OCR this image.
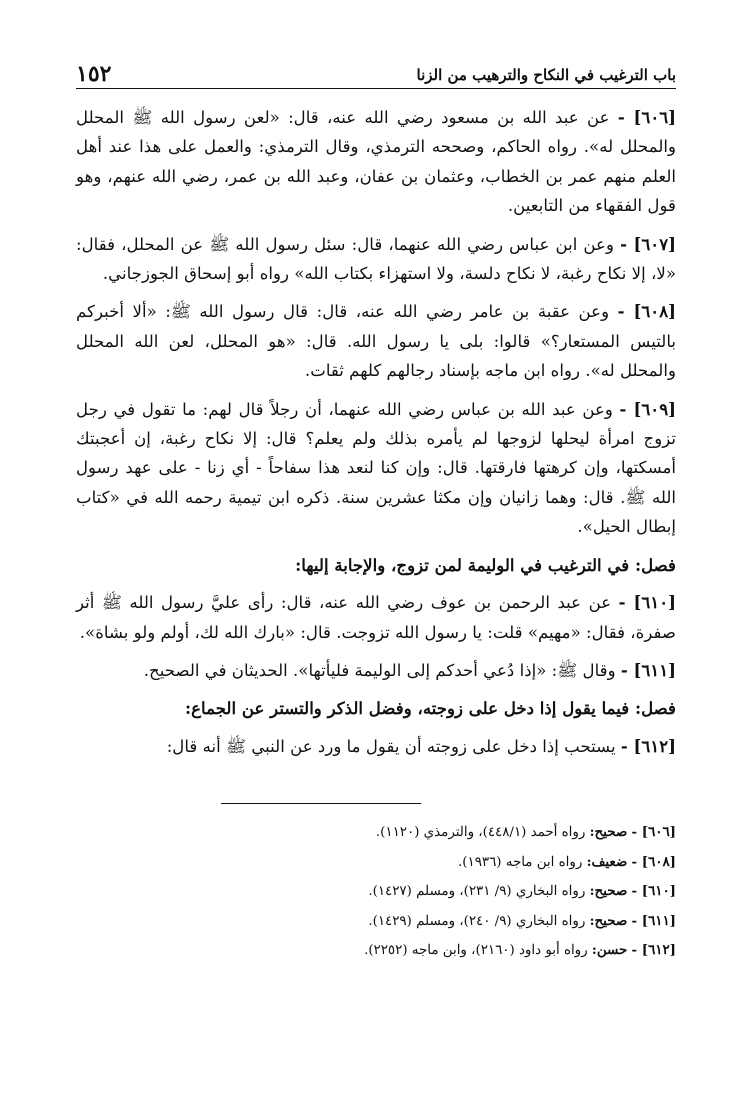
باب الترغيب في النكاح والترهيب من الزنا
١٥٢

[٦٠٦] - عن عبد الله بن مسعود رضي الله عنه، قال: «لعن رسول الله ﷺ المحلل والمحلل له». رواه الحاكم، وصححه الترمذي، وقال الترمذي: والعمل على هذا عند أهل العلم منهم عمر بن الخطاب، وعثمان بن عفان، وعبد الله بن عمر، رضي الله عنهم، وهو قول الفقهاء من التابعين.

[٦٠٧] - وعن ابن عباس رضي الله عنهما، قال: سئل رسول الله ﷺ عن المحلل، فقال: «لا، إلا نكاح رغبة، لا نكاح دلسة، ولا استهزاء بكتاب الله» رواه أبو إسحاق الجوزجاني.

[٦٠٨] - وعن عقبة بن عامر رضي الله عنه، قال: قال رسول الله ﷺ: «ألا أخبركم بالتيس المستعار؟» قالوا: بلى يا رسول الله. قال: «هو المحلل، لعن الله المحلل والمحلل له». رواه ابن ماجه بإسناد رجالهم كلهم ثقات.

[٦٠٩] - وعن عبد الله بن عباس رضي الله عنهما، أن رجلاً قال لهم: ما تقول في رجل تزوج امرأة ليحلها لزوجها لم يأمره بذلك ولم يعلم؟ قال: إلا نكاح رغبة، إن أعجبتك أمسكتها، وإن كرهتها فارقتها. قال: وإن كنا لنعد هذا سفاحاً - أي زنا - على عهد رسول الله ﷺ. قال: وهما زانيان وإن مكثا عشرين سنة. ذكره ابن تيمية رحمه الله في «كتاب إبطال الحيل».

فصل: في الترغيب في الوليمة لمن تزوج، والإجابة إليها:

[٦١٠] - عن عبد الرحمن بن عوف رضي الله عنه، قال: رأى عليَّ رسول الله ﷺ أثر صفرة، فقال: «مهيم» قلت: يا رسول الله تزوجت. قال: «بارك الله لك، أولم ولو بشاة».

[٦١١] - وقال ﷺ: «إذا دُعي أحدكم إلى الوليمة فليأتها». الحديثان في الصحيح.

فصل: فيما يقول إذا دخل على زوجته، وفضل الذكر والتستر عن الجماع:

[٦١٢] - يستحب إذا دخل على زوجته أن يقول ما ورد عن النبي ﷺ أنه قال:

[٦٠٦] - صحيح: رواه أحمد (٤٤٨/١)، والترمذي (١١٢٠).
[٦٠٨] - ضعيف: رواه ابن ماجه (١٩٣٦).
[٦١٠] - صحيح: رواه البخاري (٩/ ٢٣١)، ومسلم (١٤٢٧).
[٦١١] - صحيح: رواه البخاري (٩/ ٢٤٠)، ومسلم (١٤٢٩).
[٦١٢] - حسن: رواه أبو داود (٢١٦٠)، وابن ماجه (٢٢٥٢).
